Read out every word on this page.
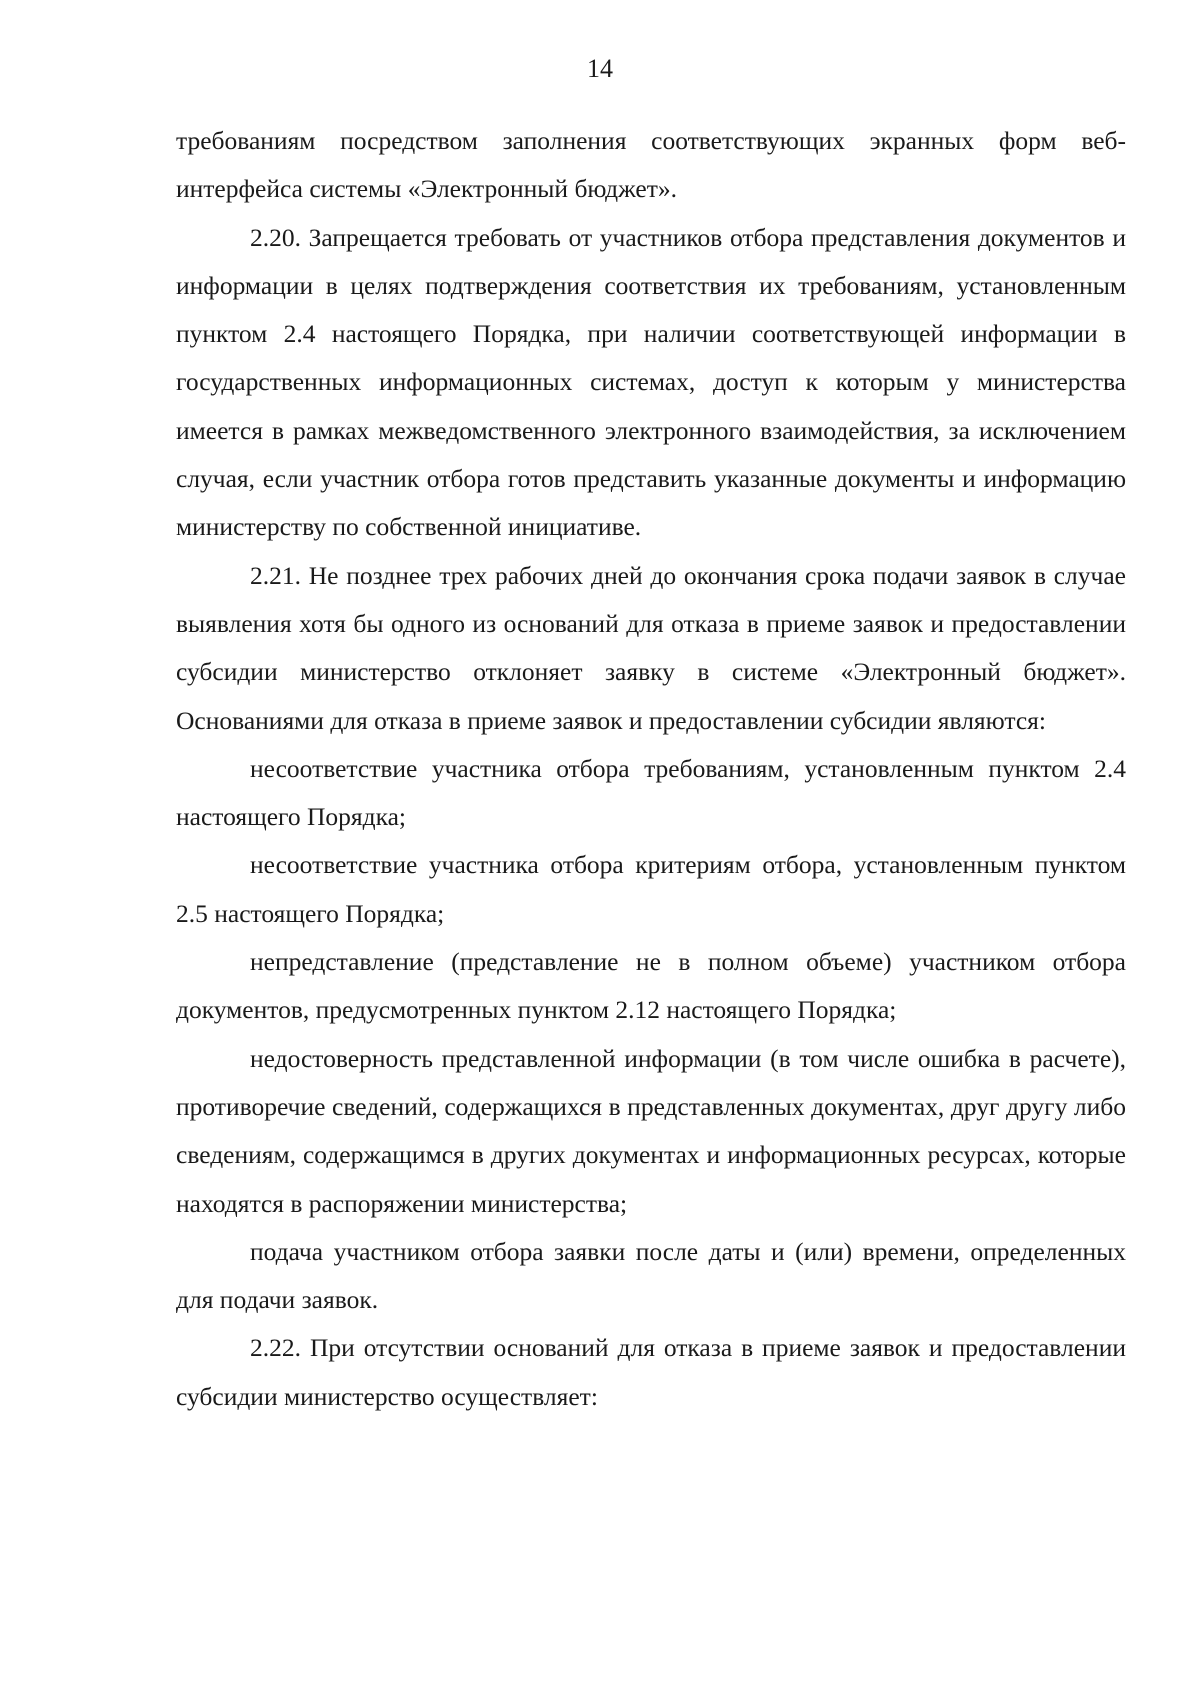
14

требованиям посредством заполнения соответствующих экранных форм веб-интерфейса системы «Электронный бюджет».

2.20. Запрещается требовать от участников отбора представления документов и информации в целях подтверждения соответствия их требованиям, установленным пунктом 2.4 настоящего Порядка, при наличии соответствующей информации в государственных информационных системах, доступ к которым у министерства имеется в рамках межведомственного электронного взаимодействия, за исключением случая, если участник отбора готов представить указанные документы и информацию министерству по собственной инициативе.

2.21. Не позднее трех рабочих дней до окончания срока подачи заявок в случае выявления хотя бы одного из оснований для отказа в приеме заявок и предоставлении субсидии министерство отклоняет заявку в системе «Электронный бюджет». Основаниями для отказа в приеме заявок и предоставлении субсидии являются:

несоответствие участника отбора требованиям, установленным пунктом 2.4 настоящего Порядка;

несоответствие участника отбора критериям отбора, установленным пунктом 2.5 настоящего Порядка;

непредставление (представление не в полном объеме) участником отбора документов, предусмотренных пунктом 2.12 настоящего Порядка;

недостоверность представленной информации (в том числе ошибка в расчете), противоречие сведений, содержащихся в представленных документах, друг другу либо сведениям, содержащимся в других документах и информационных ресурсах, которые находятся в распоряжении министерства;

подача участником отбора заявки после даты и (или) времени, определенных для подачи заявок.

2.22. При отсутствии оснований для отказа в приеме заявок и предоставлении субсидии министерство осуществляет:
